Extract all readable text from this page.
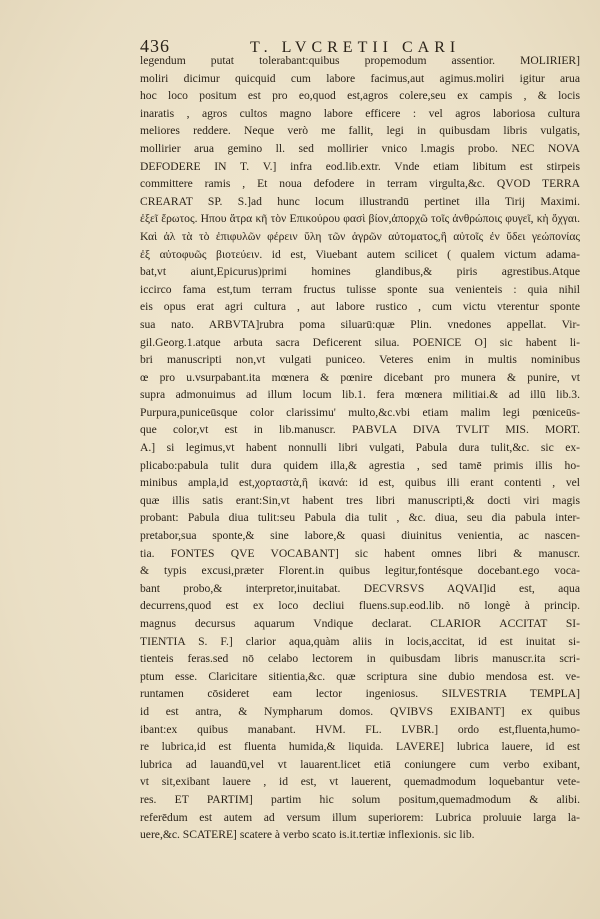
436	T. LVCRETII CARI
legendum putat tolerabant:quibus propemodum assentior. MOLIRIER]
moliri dicimur quicquid cum labore facimus,aut agimus.moliri igitur arua
hoc loco positum est pro eo,quod est,agros colere,seu ex campis , & locis
inaratis , agros cultos magno labore efficere : vel agros laboriosa cultura
meliores reddere. Neque verò me fallit, legi in quibusdam libris vulgatis,
mollirier arua gemino ll. sed mollirier vnico l.magis probo. NEC NOVA
DEFODERE IN T. V.] infra eod.lib.extr. Vnde etiam libitum est stirpeis
committere ramis , Et noua defodere in terram virgulta,&c. QVOD TERRA
CREARAT SP. S.]ad hunc locum illustrandū pertinet illa Tirij Maximi.
ἐξεῖ ἔρωτος. Ηπου ἄτρα κῆ τὸν Επικούρου φασὶ βίον,ἀπορχῶ τοῖς ἀνθρώποις φυγεῖ, κὴ ὄχγαι.
Καὶ ἀλ τὰ τὸ ἐπιφυλῶν φέρειν ὕλη τῶν ἀγρῶν αὐτοματος,ἢ αὐτοῖς ἐν ὕδει γεώπονίας
ἐξ αὐτοφυῶς βιοτεύειν. id est, Viuebant autem scilicet ( qualem victum adama-
bat,vt aiunt,Epicurus)primi homines glandibus,& piris agrestibus.Atque
iccirco fama est,tum terram fructus tulisse sponte sua venienteis : quia nihil
eis opus erat agri cultura , aut labore rustico , cum victu vterentur sponte
sua nato. ARBVTA]rubra poma siluarū:quæ Plin. vnedones appellat. Vir-
gil.Georg.1.atque arbuta sacra Deficerent silua. POENICE O] sic habent li-
bri manuscripti non,vt vulgati puniceo. Veteres enim in multis nominibus
œ pro u.vsurpabant.ita mœnera & pœnire dicebant pro munera & punire, vt
supra admonuimus ad illum locum lib.1. fera mœnera militiai.& ad illū lib.3.
Purpura,puniceūsque color clarissimu' multo,&c.vbi etiam malim legi pœniceūs-
que color,vt est in lib.manuscr. PABVLA DIVA TVLIT MIS. MORT.
A.] si legimus,vt habent nonnulli libri vulgati, Pabula dura tulit,&c. sic ex-
plicabo:pabula tulit dura quidem illa,& agrestia , sed tamē primis illis ho-
minibus ampla,id est,χορταστὰ,ἢ ἱκανά: id est, quibus illi erant contenti , vel
quæ illis satis erant:Sin,vt habent tres libri manuscripti,& docti viri magis
probant: Pabula diua tulit:seu Pabula dia tulit , &c. diua, seu dia pabula inter-
pretabor,sua sponte,& sine labore,& quasi diuinitus venientia, ac nascen-
tia. FONTES QVE VOCABANT] sic habent omnes libri & manuscr.
& typis excusi,præter Florent.in quibus legitur,fontésque docebant.ego voca-
bant probo,& interpretor,inuitabat. DECVRSVS AQVAI]id est, aqua
decurrens,quod est ex loco decliui fluens.sup.eod.lib. nō longè à princip.
magnus decursus aquarum Vndique declarat. CLARIOR ACCITAT SI-
TIENTIA S. F.] clarior aqua,quàm aliis in locis,accitat, id est inuitat si-
tienteis feras.sed nō celabo lectorem in quibusdam libris manuscr.ita scri-
ptum esse. Claricitare sitientia,&c. quæ scriptura sine dubio mendosa est. ve-
runtamen cōsideret eam lector ingeniosus. SILVESTRIA TEMPLA]
id est antra, & Nympharum domos. QVIBVS EXIBANT] ex quibus
ibant:ex quibus manabant. HVM. FL. LVBR.] ordo est,fluenta,humo-
re lubrica,id est fluenta humida,& liquida. LAVERE] lubrica lauere, id est
lubrica ad lauandū,vel vt lauarent.licet etiā coniungere cum verbo exibant,
vt sit,exibant lauere , id est, vt lauerent, quemadmodum loquebantur vete-
res. ET PARTIM] partim hic solum positum,quemadmodum & alibi.
referēdum est autem ad versum illum superiorem: Lubrica proluuie larga la-
uere,&c. SCATERE] scatere à verbo scato is.it.tertiæ inflexionis. sic lib.
